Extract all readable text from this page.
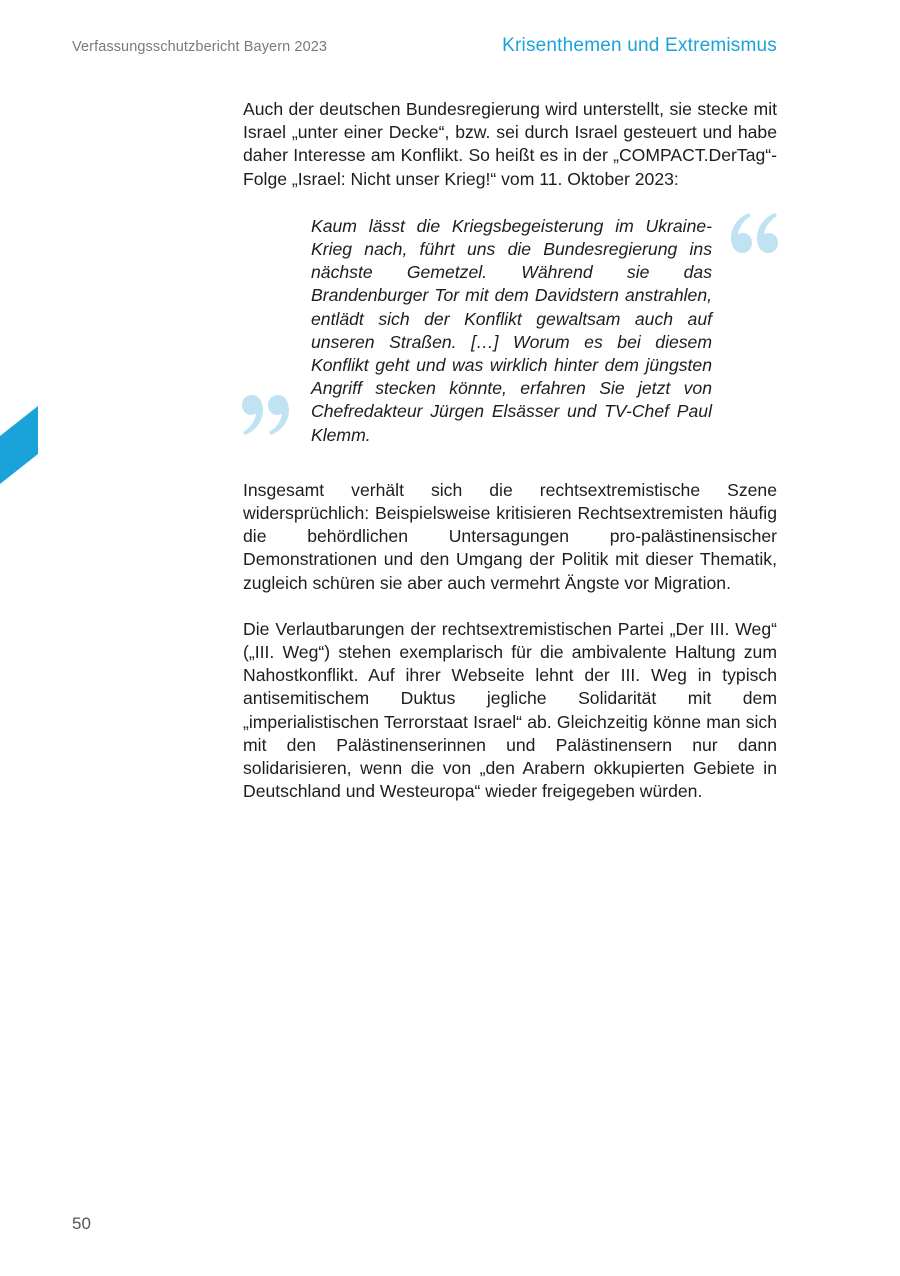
Verfassungsschutzbericht Bayern 2023	Krisenthemen und Extremismus

Auch der deutschen Bundesregierung wird unterstellt, sie stecke mit Israel „unter einer Decke“, bzw. sei durch Israel gesteuert und habe daher Interesse am Konflikt. So heißt es in der „COMPACT.DerTag“-Folge „Israel: Nicht unser Krieg!“ vom 11. Oktober 2023:

Kaum lässt die Kriegsbegeisterung im Ukraine-Krieg nach, führt uns die Bundesregierung ins nächste Gemetzel. Während sie das Brandenburger Tor mit dem Davidstern anstrahlen, entlädt sich der Konflikt gewaltsam auch auf unseren Straßen. […] Worum es bei diesem Konflikt geht und was wirklich hinter dem jüngsten Angriff stecken könnte, erfahren Sie jetzt von Chefredakteur Jürgen Elsässer und TV-Chef Paul Klemm.

Insgesamt verhält sich die rechtsextremistische Szene widersprüchlich: Beispielsweise kritisieren Rechtsextremisten häufig die behördlichen Untersagungen pro-palästinensischer Demonstrationen und den Umgang der Politik mit dieser Thematik, zugleich schüren sie aber auch vermehrt Ängste vor Migration.

Die Verlautbarungen der rechtsextremistischen Partei „Der III. Weg“ („III. Weg“) stehen exemplarisch für die ambivalente Haltung zum Nahostkonflikt. Auf ihrer Webseite lehnt der III. Weg in typisch antisemitischem Duktus jegliche Solidarität mit dem „imperialistischen Terrorstaat Israel“ ab. Gleichzeitig könne man sich mit den Palästinenserinnen und Palästinensern nur dann solidarisieren, wenn die von „den Arabern okkupierten Gebiete in Deutschland und Westeuropa“ wieder freigegeben würden.

50
